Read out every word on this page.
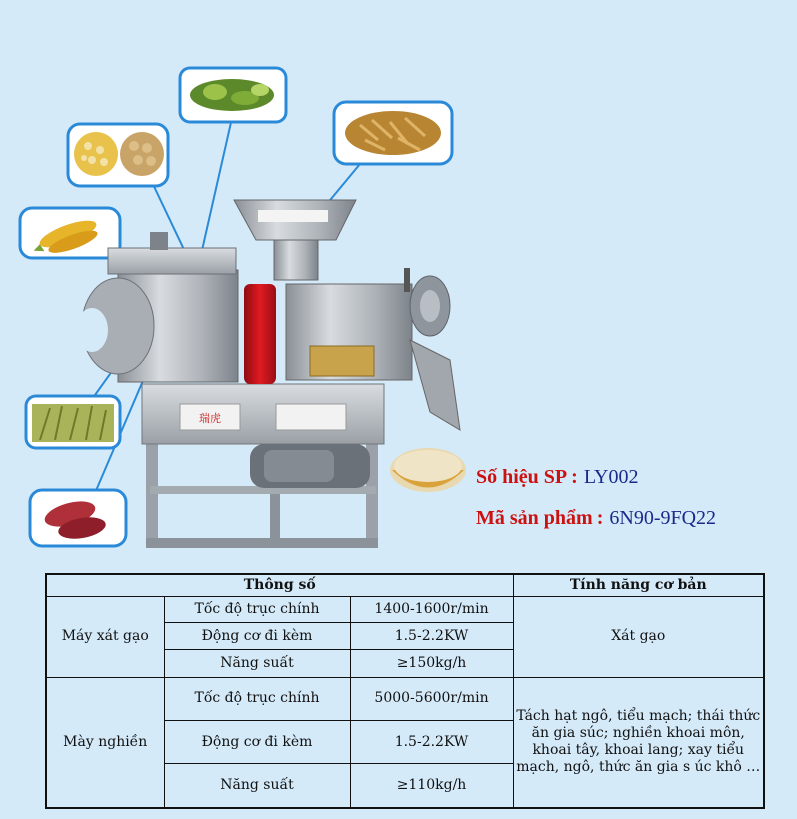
瑞虎
Số hiệu SP : LY002
Mã sản phẩm : 6N90-9FQ22
Thông số			Tính năng cơ bản
Máy xát gạo	Tốc độ trục chính	1400-1600r/min	Xát gạo
	Động cơ đi kèm	1.5-2.2KW	
	Năng suất	≥150kg/h	
Mày nghiền	Tốc độ trục chính	5000-5600r/min	Tách hạt ngô, tiểu mạch; thái thức ăn gia súc; nghiền khoai môn, khoai tây, khoai lang; xay tiểu mạch, ngô, thức ăn gia s úc khô …
	Động cơ đi kèm	1.5-2.2KW	
	Năng suất	≥110kg/h	
